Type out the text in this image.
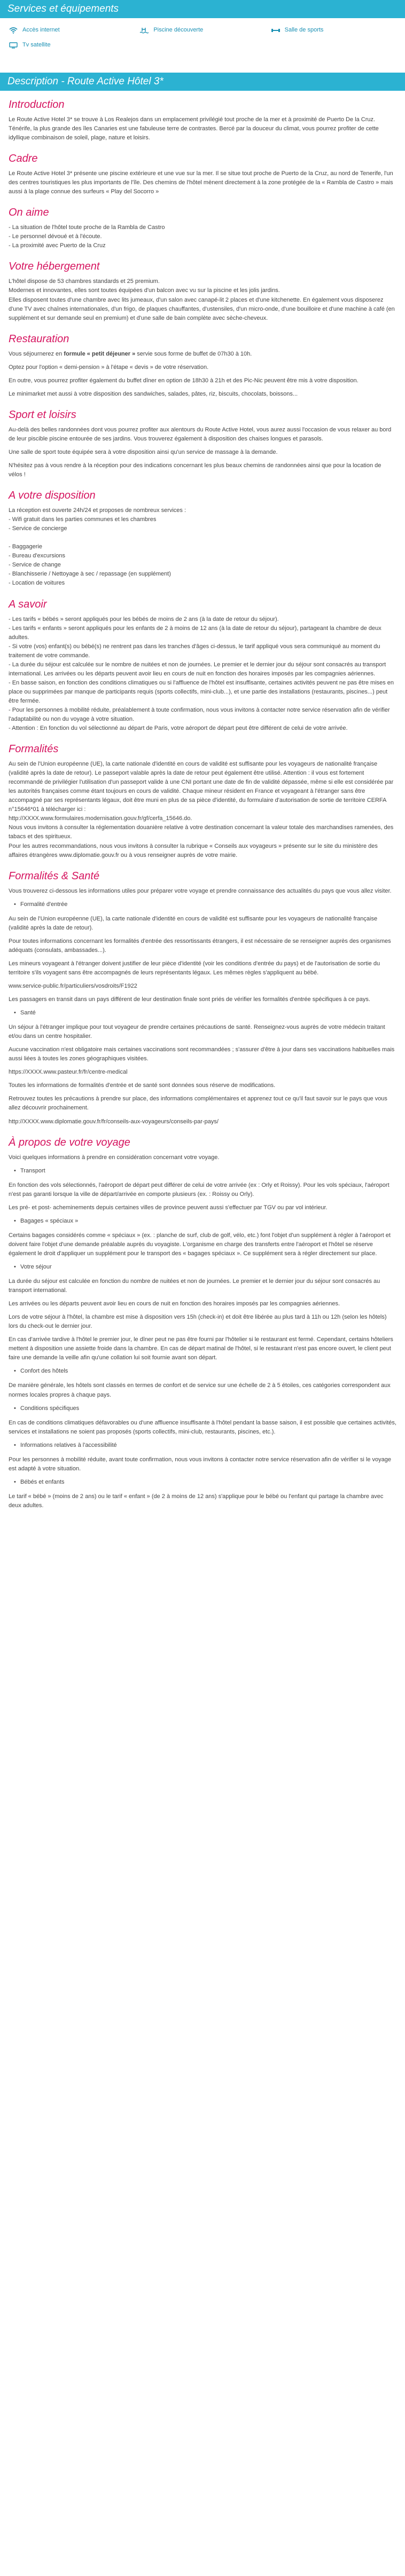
Services et équipements
Accès internet	Piscine découverte	Salle de sports
Tv satellite
Description - Route Active Hôtel 3*
Introduction

Le Route Active Hotel 3* se trouve à Los Realejos dans un emplacement privilégié tout proche de la mer et à proximité de Puerto De la Cruz. Ténérife, la plus grande des îles Canaries est une fabuleuse terre de contrastes. Bercé par la douceur du climat, vous pourrez profiter de cette idyllique combinaison de soleil, plage, nature et loisirs.

Cadre

Le Route Active Hotel 3* présente une piscine extérieure et une vue sur la mer. Il se situe tout proche de Puerto de la Cruz, au nord de Tenerife, l'un des centres touristiques les plus importants de l'île. Des chemins de l'hôtel mènent directement à la zone protégée de la « Rambla de Castro » mais aussi à la plage connue des surfeurs « Play del Socorro »

On aime

- La situation de l'hôtel toute proche de la Rambla de Castro
- Le personnel dévoué et à l'écoute.
- La proximité avec Puerto de la Cruz

Votre hébergement

L'hôtel dispose de 53 chambres standards et 25 premium.
Modernes et innovantes, elles sont toutes équipées d'un balcon avec vu sur la piscine et les jolis jardins.
Elles disposent toutes d'une chambre avec lits jumeaux, d'un salon avec canapé-lit 2 places et d'une kitchenette. En également vous disposerez d'une TV avec chaînes internationales, d'un frigo, de plaques chauffantes, d'ustensiles, d'un micro-onde, d'une bouilloire et d'une machine à café (en supplément et sur demande seul en premium) et d'une salle de bain complète avec sèche-cheveux.

Restauration

Vous séjournerez en formule « petit déjeuner » servie sous forme de buffet de 07h30 à 10h.

Optez pour l'option « demi-pension » à l'étape « devis » de votre réservation.

En outre, vous pourrez profiter également du buffet dîner en option de 18h30 à 21h et des Pic-Nic peuvent être mis à votre disposition.

Le minimarket met aussi à votre disposition des sandwiches, salades, pâtes, riz, biscuits, chocolats, boissons...

Sport et loisirs

Au-delà des belles randonnées dont vous pourrez profiter aux alentours du Route Active Hotel, vous aurez aussi l'occasion de vous relaxer au bord de leur piscible piscine entourée de ses jardins. Vous trouverez également à disposition des chaises longues et parasols.

Une salle de sport toute équipée sera à votre disposition ainsi qu'un service de massage à la demande.

N'hésitez pas à vous rendre à la réception pour des indications concernant les plus beaux chemins de randonnées ainsi que pour la location de vélos !

A votre disposition

La réception est ouverte 24h/24 et proposes de nombreux services :
- Wifi gratuit dans les parties communes et les chambres
- Service de concierge

- Baggagerie
- Bureau d'excursions
- Service de change
- Blanchisserie / Nettoyage à sec / repassage (en supplément)
- Location de voitures

A savoir

- Les tarifs « bébés » seront appliqués pour les bébés de moins de 2 ans (à la date de retour du séjour).
- Les tarifs « enfants » seront appliqués pour les enfants de 2 à moins de 12 ans (à la date de retour du séjour), partageant la chambre de deux adultes.
- Si votre (vos) enfant(s) ou bébé(s) ne rentrent pas dans les tranches d'âges ci-dessus, le tarif appliqué vous sera communiqué au moment du traitement de votre commande.
- La durée du séjour est calculée sur le nombre de nuitées et non de journées. Le premier et le dernier jour du séjour sont consacrés au transport international. Les arrivées ou les départs peuvent avoir lieu en cours de nuit en fonction des horaires imposés par les compagnies aériennes.
- En basse saison, en fonction des conditions climatiques ou si l'affluence de l'hôtel est insuffisante, certaines activités peuvent ne pas être mises en place ou supprimées par manque de participants requis (sports collectifs, mini-club...), et une partie des installations (restaurants, piscines...) peut être fermée.
- Pour les personnes à mobilité réduite, préalablement à toute confirmation, nous vous invitons à contacter notre service réservation afin de vérifier l'adaptabilité ou non du voyage à votre situation.
- Attention : En fonction du vol sélectionné au départ de Paris, votre aéroport de départ peut être différent de celui de votre arrivée.

Formalités

Au sein de l'Union européenne (UE), la carte nationale d'identité en cours de validité est suffisante pour les voyageurs de nationalité française (validité après la date de retour). Le passeport valable après la date de retour peut également être utilisé. Attention : il vous est fortement recommandé de privilégier l'utilisation d'un passeport valide à une CNI portant une date de fin de validité dépassée, même si elle est considérée par les autorités françaises comme étant toujours en cours de validité. Chaque mineur résident en France et voyageant à l'étranger sans être accompagné par ses représentants légaux, doit être muni en plus de sa pièce d'identité, du formulaire d'autorisation de sortie de territoire CERFA n°15646*01 à télécharger ici :
http://XXXX.www.formulaires.modernisation.gouv.fr/gf/cerfa_15646.do.
Nous vous invitons à consulter la réglementation douanière relative à votre destination concernant la valeur totale des marchandises ramenées, des tabacs et des spiritueux.
Pour les autres recommandations, nous vous invitons à consulter la rubrique « Conseils aux voyageurs » présente sur le site du ministère des affaires étrangères www.diplomatie.gouv.fr ou à vous renseigner auprès de votre mairie.

Formalités & Santé

Vous trouverez ci-dessous les informations utiles pour préparer votre voyage et prendre connaissance des actualités du pays que vous allez visiter.

• Formalité d'entrée

Au sein de l'Union européenne (UE), la carte nationale d'identité en cours de validité est suffisante pour les voyageurs de nationalité française (validité après la date de retour).

Pour toutes informations concernant les formalités d'entrée des ressortissants étrangers, il est nécessaire de se renseigner auprès des organismes adéquats (consulats, ambassades...).

Les mineurs voyageant à l'étranger doivent justifier de leur pièce d'identité (voir les conditions d'entrée du pays) et de l'autorisation de sortie du territoire s'ils voyagent sans être accompagnés de leurs représentants légaux. Les mêmes règles s'appliquent au bébé.

www.service-public.fr/particuliers/vosdroits/F1922

Les passagers en transit dans un pays différent de leur destination finale sont priés de vérifier les formalités d'entrée spécifiques à ce pays.

• Santé

Un séjour à l'étranger implique pour tout voyageur de prendre certaines précautions de santé. Renseignez-vous auprès de votre médecin traitant et/ou dans un centre hospitalier.

Aucune vaccination n'est obligatoire mais certaines vaccinations sont recommandées ; s'assurer d'être à jour dans ses vaccinations habituelles mais aussi liées à toutes les zones géographiques visitées.

https://XXXX.www.pasteur.fr/fr/centre-medical

Toutes les informations de formalités d'entrée et de santé sont données sous réserve de modifications.

Retrouvez toutes les précautions à prendre sur place, des informations complémentaires et apprenez tout ce qu'il faut savoir sur le pays que vous allez découvrir prochainement.

http://XXXX.www.diplomatie.gouv.fr/fr/conseils-aux-voyageurs/conseils-par-pays/

À propos de votre voyage

Voici quelques informations à prendre en considération concernant votre voyage.

• Transport

En fonction des vols sélectionnés, l'aéroport de départ peut différer de celui de votre arrivée (ex : Orly et Roissy). Pour les vols spéciaux, l'aéroport n'est pas garanti lorsque la ville de départ/arrivée en comporte plusieurs (ex. : Roissy ou Orly).

Les pré- et post- acheminements depuis certaines villes de province peuvent aussi s'effectuer par TGV ou par vol intérieur.

• Bagages « spéciaux »

Certains bagages considérés comme « spéciaux » (ex. : planche de surf, club de golf, vélo, etc.) font l'objet d'un supplément à régler à l'aéroport et doivent faire l'objet d'une demande préalable auprès du voyagiste. L'organisme en charge des transferts entre l'aéroport et l'hôtel se réserve également le droit d'appliquer un supplément pour le transport des « bagages spéciaux ». Ce supplément sera à régler directement sur place.

• Votre séjour

La durée du séjour est calculée en fonction du nombre de nuitées et non de journées. Le premier et le dernier jour du séjour sont consacrés au transport international.

Les arrivées ou les départs peuvent avoir lieu en cours de nuit en fonction des horaires imposés par les compagnies aériennes.

Lors de votre séjour à l'hôtel, la chambre est mise à disposition vers 15h (check-in) et doit être libérée au plus tard à 11h ou 12h (selon les hôtels) lors du check-out le dernier jour.

En cas d'arrivée tardive à l'hôtel le premier jour, le dîner peut ne pas être fourni par l'hôtelier si le restaurant est fermé. Cependant, certains hôteliers mettent à disposition une assiette froide dans la chambre. En cas de départ matinal de l'hôtel, si le restaurant n'est pas encore ouvert, le client peut faire une demande la veille afin qu'une collation lui soit fournie avant son départ.

• Confort des hôtels

De manière générale, les hôtels sont classés en termes de confort et de service sur une échelle de 2 à 5 étoiles, ces catégories correspondent aux normes locales propres à chaque pays.

• Conditions spécifiques

En cas de conditions climatiques défavorables ou d'une affluence insuffisante à l'hôtel pendant la basse saison, il est possible que certaines activités, services et installations ne soient pas proposés (sports collectifs, mini-club, restaurants, piscines, etc.).

• Informations relatives à l'accessibilité

Pour les personnes à mobilité réduite, avant toute confirmation, nous vous invitons à contacter notre service réservation afin de vérifier si le voyage est adapté à votre situation.

• Bébés et enfants

Le tarif « bébé » (moins de 2 ans) ou le tarif « enfant » (de 2 à moins de 12 ans) s'applique pour le bébé ou l'enfant qui partage la chambre avec deux adultes.
